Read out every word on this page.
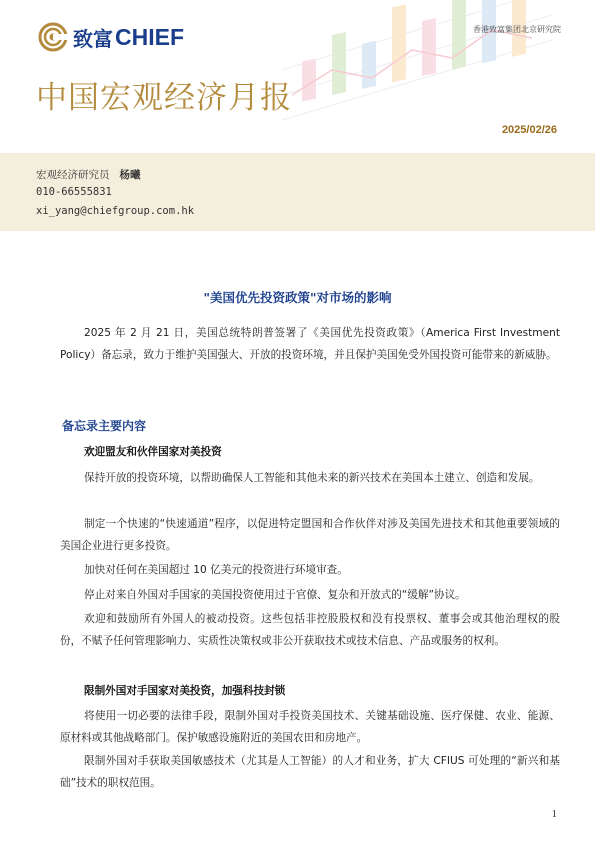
致富 CHIEF	香港致富集团北京研究院
中国宏观经济月报
2025/02/26
宏观经济研究员 杨曦
010-66555831
xi_yang@chiefgroup.com.hk
"美国优先投资政策"对市场的影响
2025 年 2 月 21 日，美国总统特朗普签署了《美国优先投资政策》（America First Investment Policy）备忘录，致力于维护美国强大、开放的投资环境，并且保护美国免受外国投资可能带来的新威胁。
备忘录主要内容
欢迎盟友和伙伴国家对美投资
保持开放的投资环境，以帮助确保人工智能和其他未来的新兴技术在美国本土建立、创造和发展。
制定一个快速的“快速通道”程序，以促进特定盟国和合作伙伴对涉及美国先进技术和其他重要领域的美国企业进行更多投资。
加快对任何在美国超过 10 亿美元的投资进行环境审查。
停止对来自外国对手国家的美国投资使用过于官僚、复杂和开放式的“缓解”协议。
欢迎和鼓励所有外国人的被动投资。这些包括非控股股权和没有投票权、董事会或其他治理权的股份，不赋予任何管理影响力、实质性决策权或非公开获取技术或技术信息、产品或服务的权利。
限制外国对手国家对美投资，加强科技封锁
将使用一切必要的法律手段，限制外国对手投资美国技术、关键基础设施、医疗保健、农业、能源、原材料或其他战略部门。保护敏感设施附近的美国农田和房地产。
限制外国对手获取美国敏感技术（尤其是人工智能）的人才和业务，扩大 CFIUS 可处理的“新兴和基础”技术的职权范围。
1
